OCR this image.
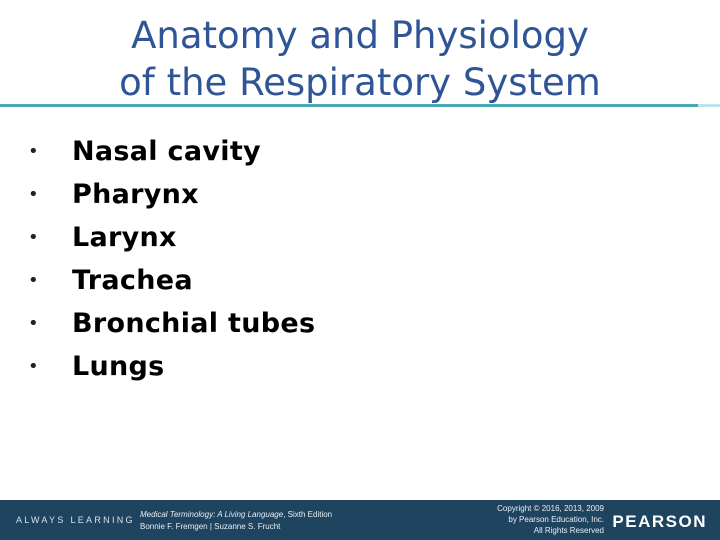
Anatomy and Physiology
of the Respiratory System
•	Nasal cavity
•	Pharynx
•	Larynx
•	Trachea
•	Bronchial tubes
•	Lungs
ALWAYS LEARNING
Medical Terminology: A Living Language, Sixth Edition
Bonnie F. Fremgen | Suzanne S. Frucht
Copyright © 2016, 2013, 2009
by Pearson Education, Inc.
All Rights Reserved PEARSON
